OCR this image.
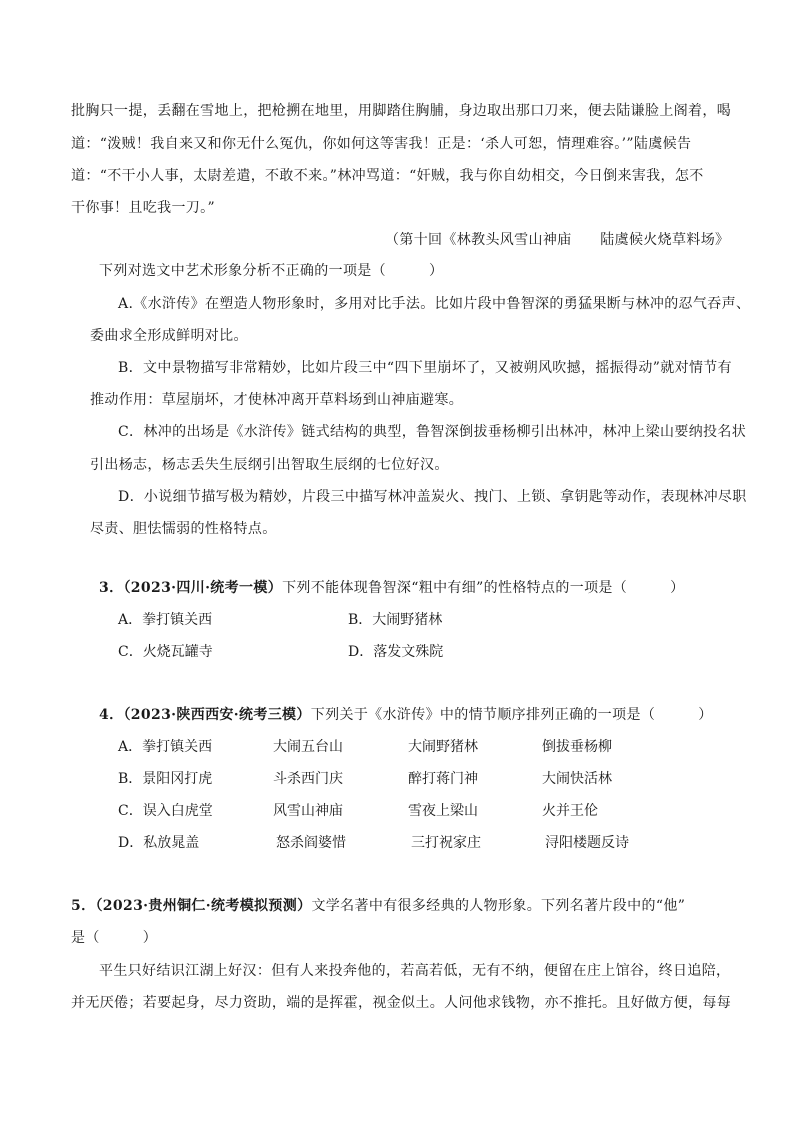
批胸只一提，丢翻在雪地上，把枪搠在地里，用脚踏住胸脯，身边取出那口刀来，便去陆谦脸上阁着，喝
道：“泼贼！我自来又和你无什么冤仇，你如何这等害我！正是：‘杀人可恕，情理难容。’”陆虞候告
道：“不干小人事，太尉差遣，不敢不来。”林冲骂道：“奸贼，我与你自幼相交，今日倒来害我，怎不
干你事！且吃我一刀。”
（第十回《林教头风雪山神庙　　陆虞候火烧草料场》
下列对选文中艺术形象分析不正确的一项是（　　　）
A.《水浒传》在塑造人物形象时，多用对比手法。比如片段中鲁智深的勇猛果断与林冲的忍气吞声、
委曲求全形成鲜明对比。
B．文中景物描写非常精妙，比如片段三中“四下里崩坏了，又被朔风吹撼，摇振得动”就对情节有
推动作用：草屋崩坏，才使林冲离开草料场到山神庙避寒。
C．林冲的出场是《水浒传》链式结构的典型，鲁智深倒拔垂杨柳引出林冲，林冲上梁山要纳投名状
引出杨志，杨志丢失生辰纲引出智取生辰纲的七位好汉。
D．小说细节描写极为精妙，片段三中描写林冲盖炭火、拽门、上锁、拿钥匙等动作，表现林冲尽职
尽责、胆怯懦弱的性格特点。
3．（2023·四川·统考一模）下列不能体现鲁智深“粗中有细”的性格特点的一项是（　　　）
A．拳打镇关西	B．大闹野猪林
C．火烧瓦罐寺	D．落发文殊院
4．（2023·陕西西安·统考三模）下列关于《水浒传》中的情节顺序排列正确的一项是（　　　）
A．拳打镇关西	大闹五台山	大闹野猪林	倒拔垂杨柳
B．景阳冈打虎	斗杀西门庆	醉打蒋门神	大闹快活林
C．误入白虎堂	风雪山神庙	雪夜上梁山	火并王伦
D．私放晁盖	怒杀阎婆惜	三打祝家庄	浔阳楼题反诗
5．（2023·贵州铜仁·统考模拟预测）文学名著中有很多经典的人物形象。下列名著片段中的“他”
是（　　　）
平生只好结识江湖上好汉：但有人来投奔他的，若高若低，无有不纳，便留在庄上馆谷，终日追陪，
并无厌倦；若要起身，尽力资助，端的是挥霍，视金似土。人问他求钱物，亦不推托。且好做方便，每每
